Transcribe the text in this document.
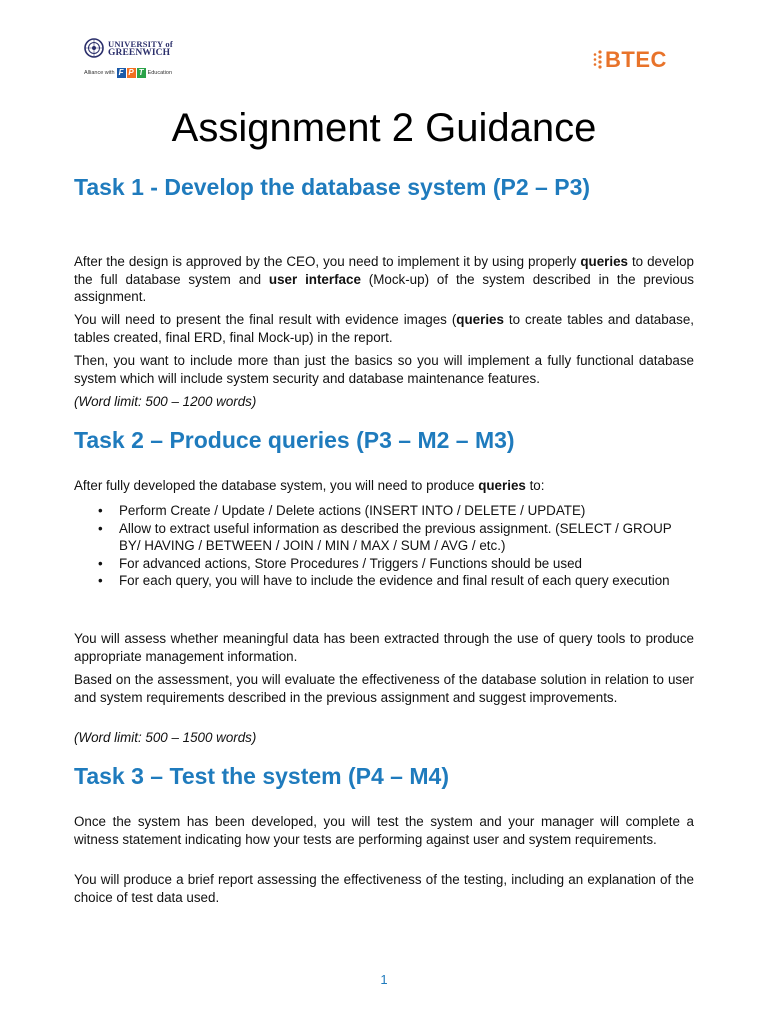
UNIVERSITY of
GREENWICH
Alliance with F P T Education
BTEC
Assignment 2 Guidance
Task 1 - Develop the database system (P2 – P3)

After the design is approved by the CEO, you need to implement it by using properly queries to develop the full database system and user interface (Mock-up) of the system described in the previous assignment.

You will need to present the final result with evidence images (queries to create tables and database, tables created, final ERD, final Mock-up) in the report.

Then, you want to include more than just the basics so you will implement a fully functional database system which will include system security and database maintenance features.

(Word limit: 500 – 1200 words)

Task 2 – Produce queries (P3 – M2 – M3)

After fully developed the database system, you will need to produce queries to:

• Perform Create / Update / Delete actions (INSERT INTO / DELETE / UPDATE)
• Allow to extract useful information as described the previous assignment. (SELECT / GROUP BY/ HAVING / BETWEEN / JOIN / MIN / MAX / SUM / AVG / etc.)
• For advanced actions, Store Procedures / Triggers / Functions should be used
• For each query, you will have to include the evidence and final result of each query execution

You will assess whether meaningful data has been extracted through the use of query tools to produce appropriate management information.

Based on the assessment, you will evaluate the effectiveness of the database solution in relation to user and system requirements described in the previous assignment and suggest improvements.

(Word limit: 500 – 1500 words)

Task 3 – Test the system (P4 – M4)

Once the system has been developed, you will test the system and your manager will complete a witness statement indicating how your tests are performing against user and system requirements.

You will produce a brief report assessing the effectiveness of the testing, including an explanation of the choice of test data used.

1
